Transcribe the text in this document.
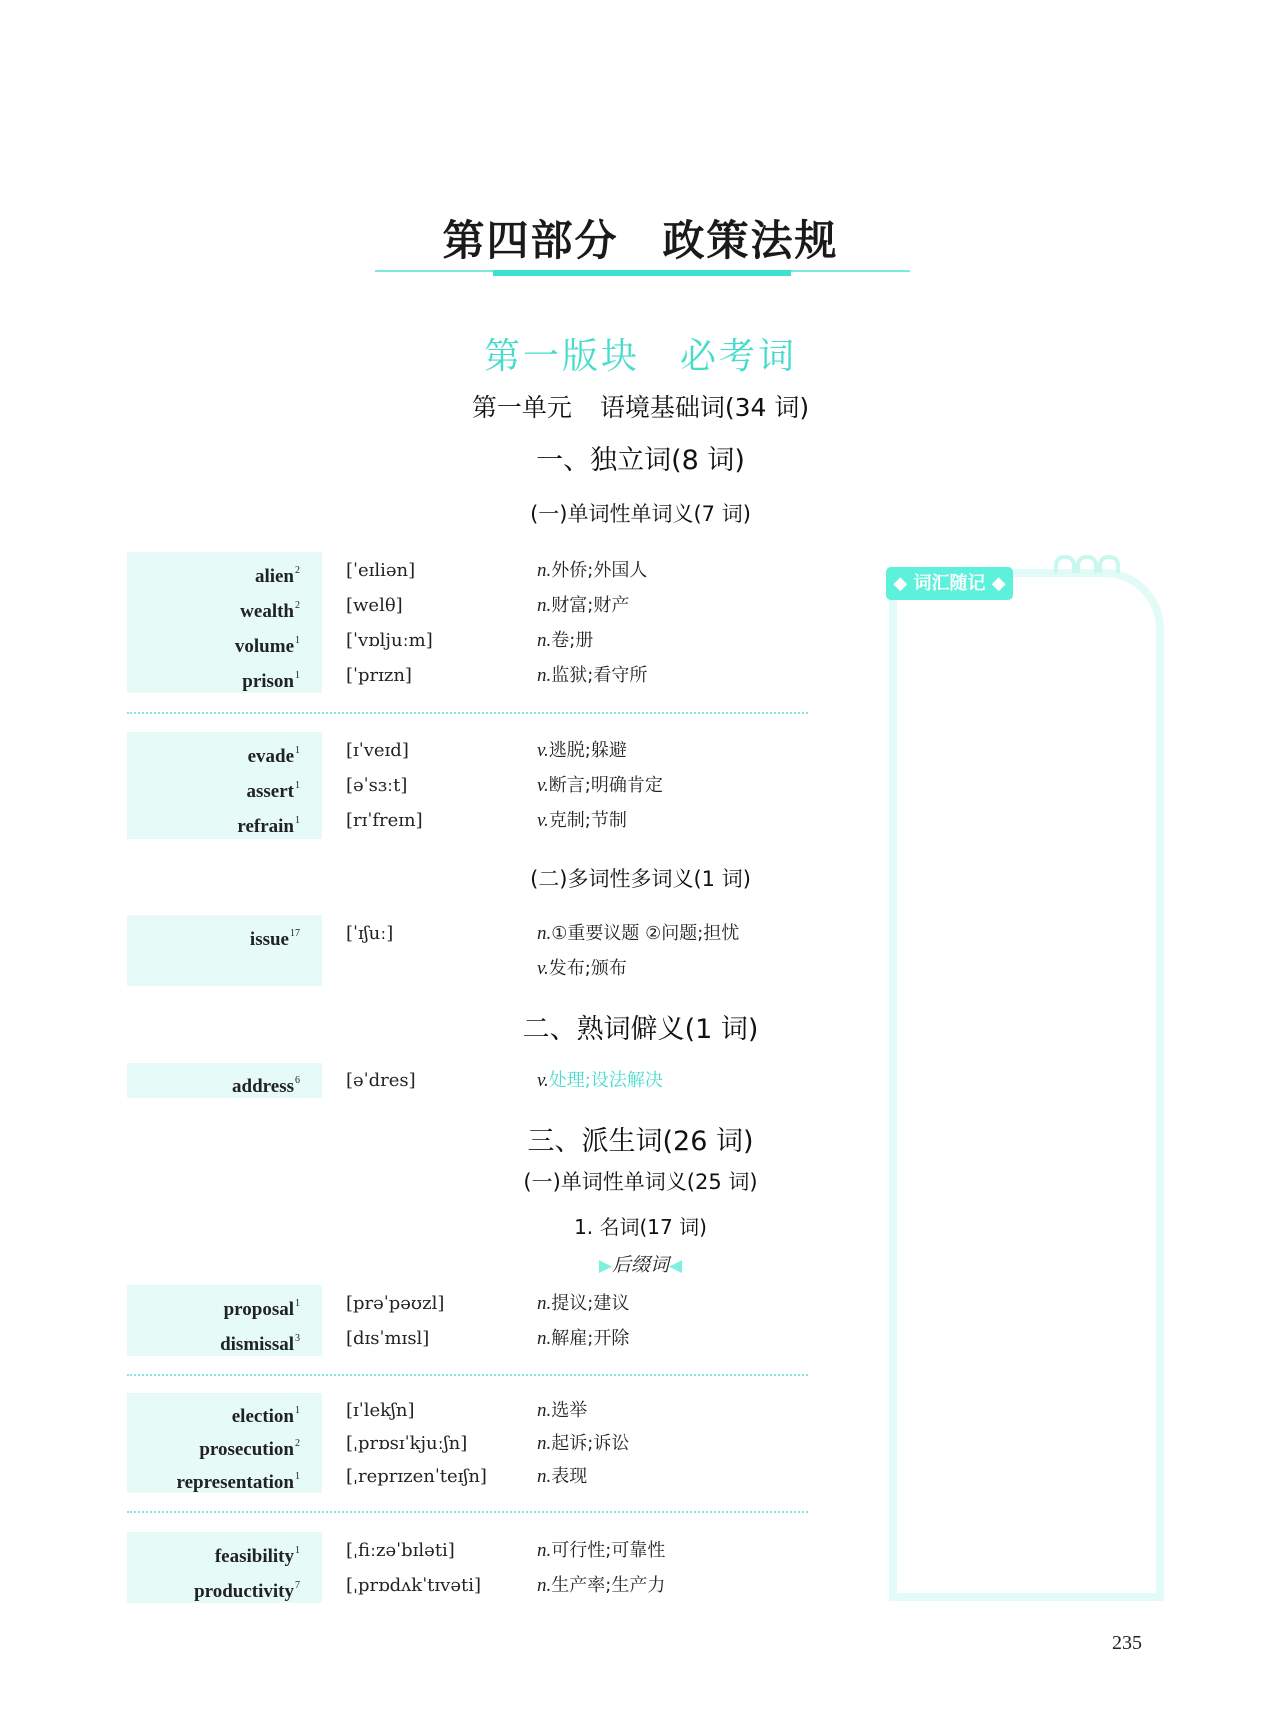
第四部分 政策法规
第一版块 必考词
第一单元 语境基础词(34 词)
一、独立词(8 词)
(一)单词性单词义(7 词)
(二)多词性多词义(1 词)
二、熟词僻义(1 词)
三、派生词(26 词)
(一)单词性单词义(25 词)
1. 名词(17 词)
▶后缀词◀
alien$^2$	[ˈeɪliən]	n.外侨;外国人
wealth$^2$	[welθ]	n.财富;财产
volume$^1$	[ˈvɒljuːm]	n.卷;册
prison$^1$	[ˈprɪzn]	n.监狱;看守所
evade$^1$	[ɪˈveɪd]	v.逃脱;躲避
assert$^1$	[əˈsɜːt]	v.断言;明确肯定
refrain$^1$	[rɪˈfreɪn]	v.克制;节制
issue$^{17}$	[ˈɪʃuː]	n.①重要议题 ②问题;担忧
v.发布;颁布
address$^6$	[əˈdres]	v.处理;设法解决
proposal$^1$	[prəˈpəʊzl]	n.提议;建议
dismissal$^3$	[dɪsˈmɪsl]	n.解雇;开除
election$^1$	[ɪˈlekʃn]	n.选举
prosecution$^2$	[ˌprɒsɪˈkjuːʃn]	n.起诉;诉讼
representation$^1$	[ˌreprɪzenˈteɪʃn]	n.表现
feasibility$^1$	[ˌfiːzəˈbɪləti]	n.可行性;可靠性
productivity$^7$	[ˌprɒdʌkˈtɪvəti]	n.生产率;生产力
◆ 词汇随记 ◆
235
